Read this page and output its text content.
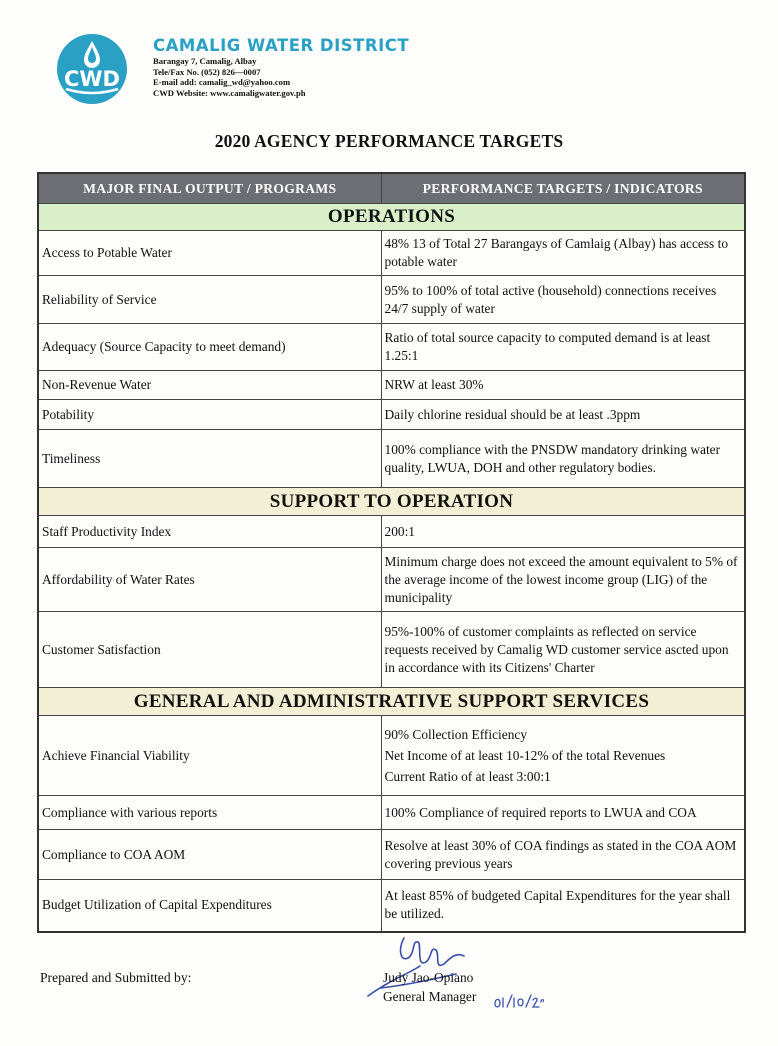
CWD
CAMALIG WATER DISTRICT
Barangay 7, Camalig, Albay
Tele/Fax No. (052) 826—0007
E-mail add: camalig_wd@yahoo.com
CWD Website: www.camaligwater.gov.ph
2020 AGENCY PERFORMANCE TARGETS
MAJOR FINAL OUTPUT / PROGRAMS	PERFORMANCE TARGETS / INDICATORS
OPERATIONS	
Access to Potable Water	48% 13 of Total 27 Barangays of Camlaig (Albay) has access to potable water
Reliability of Service	95% to 100% of total active (household) connections receives 24/7 supply of water
Adequacy (Source Capacity to meet demand)	Ratio of total source capacity to computed demand is at least 1.25:1
Non-Revenue Water	NRW at least 30%
Potability	Daily chlorine residual should be at least .3ppm
Timeliness	100% compliance with the PNSDW mandatory drinking water quality, LWUA, DOH and other regulatory bodies.
SUPPORT TO OPERATION	
Staff Productivity Index	200:1
Affordability of Water Rates	Minimum charge does not exceed the amount equivalent to 5% of the average income of the lowest income group (LIG) of the municipality
Customer Satisfaction	95%-100% of customer complaints as reflected on service requests received by Camalig WD customer service ascted upon in accordance with its Citizens' Charter
GENERAL AND ADMINISTRATIVE SUPPORT SERVICES	
Achieve Financial Viability	90% Collection Efficiency
Net Income of at least 10-12% of the total Revenues
Current Ratio of at least 3:00:1

Compliance with various reports	100% Compliance of required reports to LWUA and COA
Compliance to COA AOM	Resolve at least 30% of COA findings as stated in the COA AOM covering previous years
Budget Utilization of Capital Expenditures	At least 85% of budgeted Capital Expenditures for the year shall be utilized.
Prepared and Submitted by:	Judy Jao-Opiano
General Manager
